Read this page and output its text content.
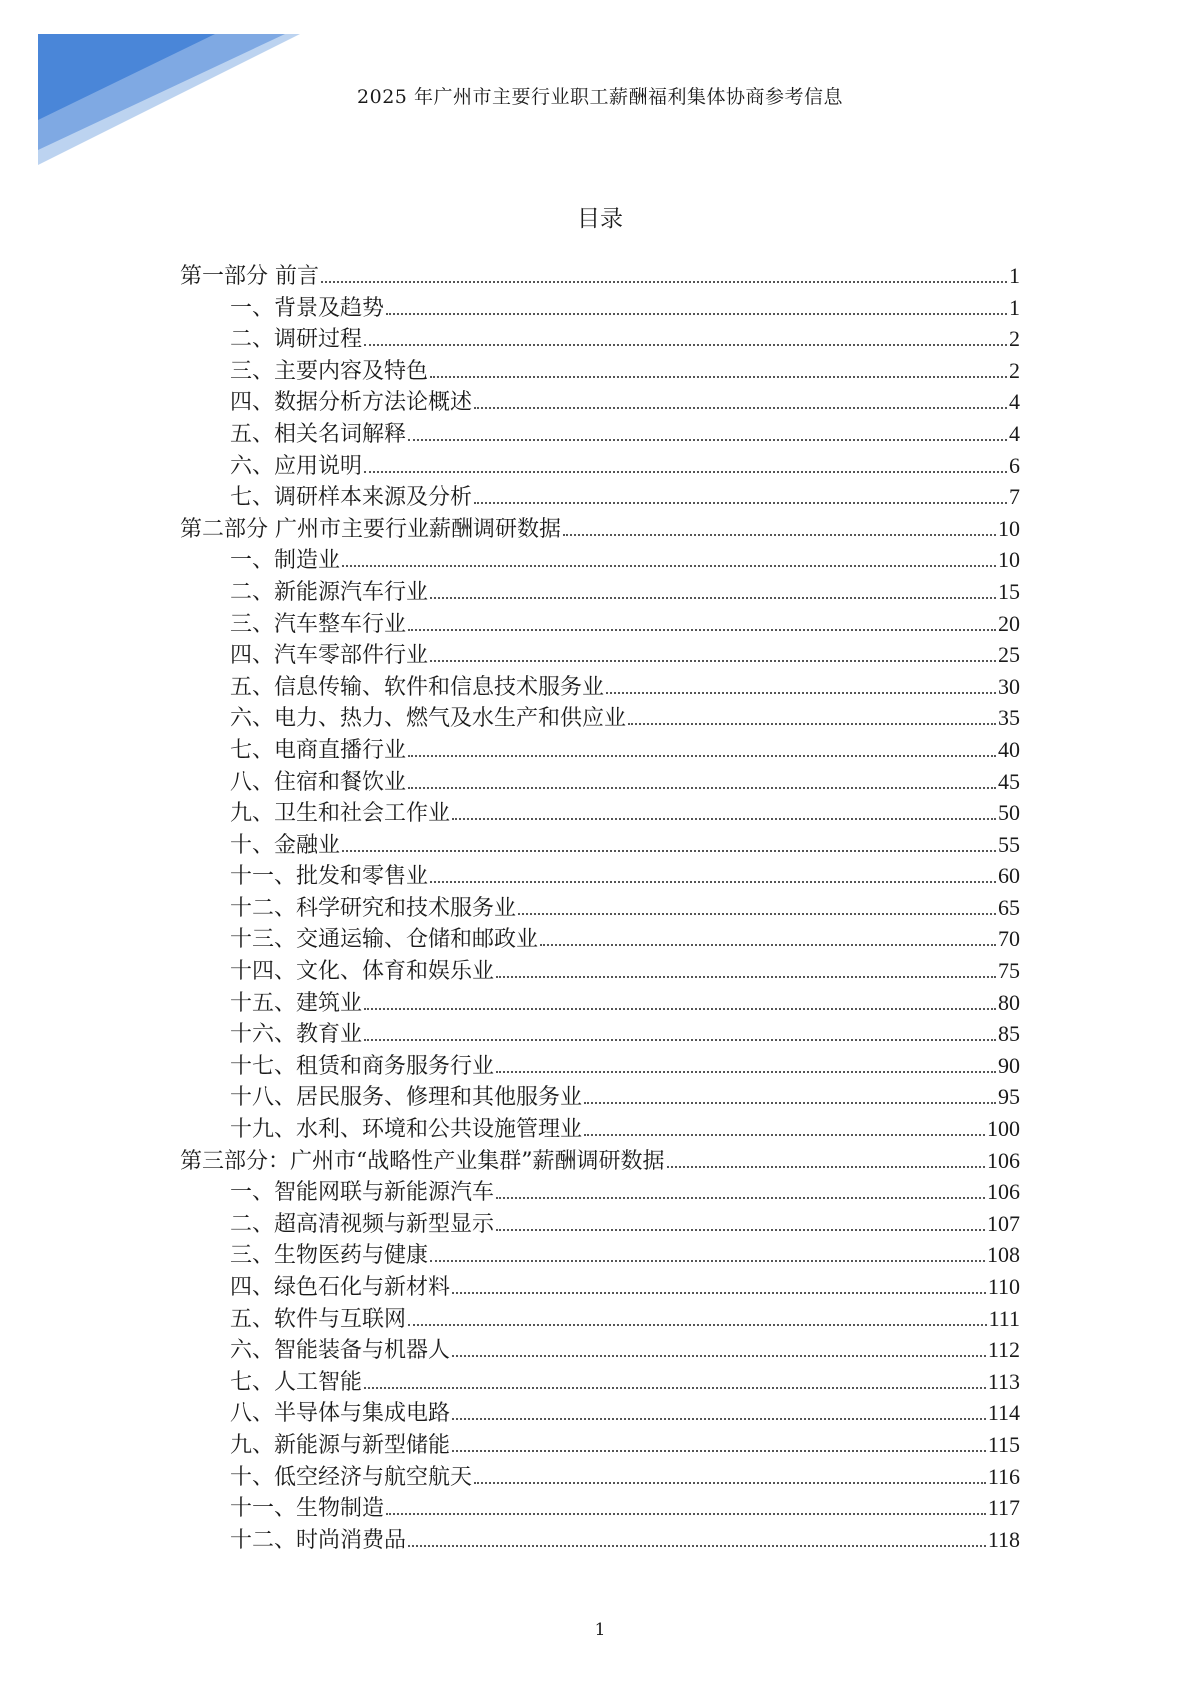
2025 年广州市主要行业职工薪酬福利集体协商参考信息
目录
第一部分 前言	1
一、背景及趋势	1
二、调研过程	2
三、主要内容及特色	2
四、数据分析方法论概述	4
五、相关名词解释	4
六、应用说明	6
七、调研样本来源及分析	7
第二部分 广州市主要行业薪酬调研数据	10
一、制造业	10
二、新能源汽车行业	15
三、汽车整车行业	20
四、汽车零部件行业	25
五、信息传输、软件和信息技术服务业	30
六、电力、热力、燃气及水生产和供应业	35
七、电商直播行业	40
八、住宿和餐饮业	45
九、卫生和社会工作业	50
十、金融业	55
十一、批发和零售业	60
十二、科学研究和技术服务业	65
十三、交通运输、仓储和邮政业	70
十四、文化、体育和娱乐业	75
十五、建筑业	80
十六、教育业	85
十七、租赁和商务服务行业	90
十八、居民服务、修理和其他服务业	95
十九、水利、环境和公共设施管理业	100
第三部分：广州市“战略性产业集群”薪酬调研数据	106
一、智能网联与新能源汽车	106
二、超高清视频与新型显示	107
三、生物医药与健康	108
四、绿色石化与新材料	110
五、软件与互联网	111
六、智能装备与机器人	112
七、人工智能	113
八、半导体与集成电路	114
九、新能源与新型储能	115
十、低空经济与航空航天	116
十一、生物制造	117
十二、时尚消费品	118
1
